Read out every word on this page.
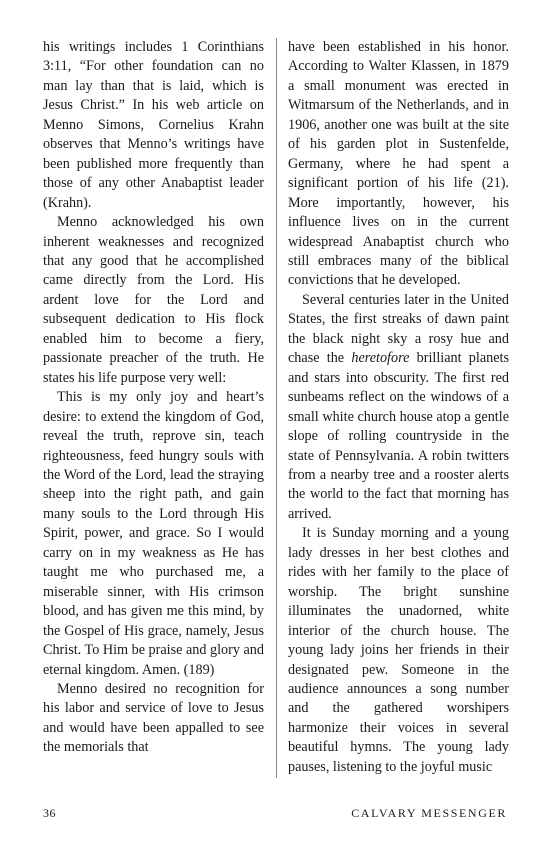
his writings includes 1 Corinthians 3:11, “For other foundation can no man lay than that is laid, which is Jesus Christ.” In his web article on Menno Simons, Cornelius Krahn observes that Menno’s writings have been published more frequently than those of any other Anabaptist leader (Krahn).

Menno acknowledged his own inherent weaknesses and recognized that any good that he accomplished came directly from the Lord. His ardent love for the Lord and subsequent dedication to His flock enabled him to become a fiery, passionate preacher of the truth. He states his life purpose very well:

This is my only joy and heart’s desire: to extend the kingdom of God, reveal the truth, reprove sin, teach righteousness, feed hungry souls with the Word of the Lord, lead the straying sheep into the right path, and gain many souls to the Lord through His Spirit, power, and grace. So I would carry on in my weakness as He has taught me who purchased me, a miserable sinner, with His crimson blood, and has given me this mind, by the Gospel of His grace, namely, Jesus Christ. To Him be praise and glory and eternal kingdom. Amen. (189)

Menno desired no recognition for his labor and service of love to Jesus and would have been appalled to see the memorials that

have been established in his honor. According to Walter Klassen, in 1879 a small monument was erected in Witmarsum of the Netherlands, and in 1906, another one was built at the site of his garden plot in Sustenfelde, Germany, where he had spent a significant portion of his life (21). More importantly, however, his influence lives on in the current widespread Anabaptist church who still embraces many of the biblical convictions that he developed.

Several centuries later in the United States, the first streaks of dawn paint the black night sky a rosy hue and chase the heretofore brilliant planets and stars into obscurity. The first red sunbeams reflect on the windows of a small white church house atop a gentle slope of rolling countryside in the state of Pennsylvania. A robin twitters from a nearby tree and a rooster alerts the world to the fact that morning has arrived.

It is Sunday morning and a young lady dresses in her best clothes and rides with her family to the place of worship. The bright sunshine illuminates the unadorned, white interior of the church house. The young lady joins her friends in their designated pew. Someone in the audience announces a song number and the gathered worshipers harmonize their voices in several beautiful hymns. The young lady pauses, listening to the joyful music

36	CALVARY MESSENGER
